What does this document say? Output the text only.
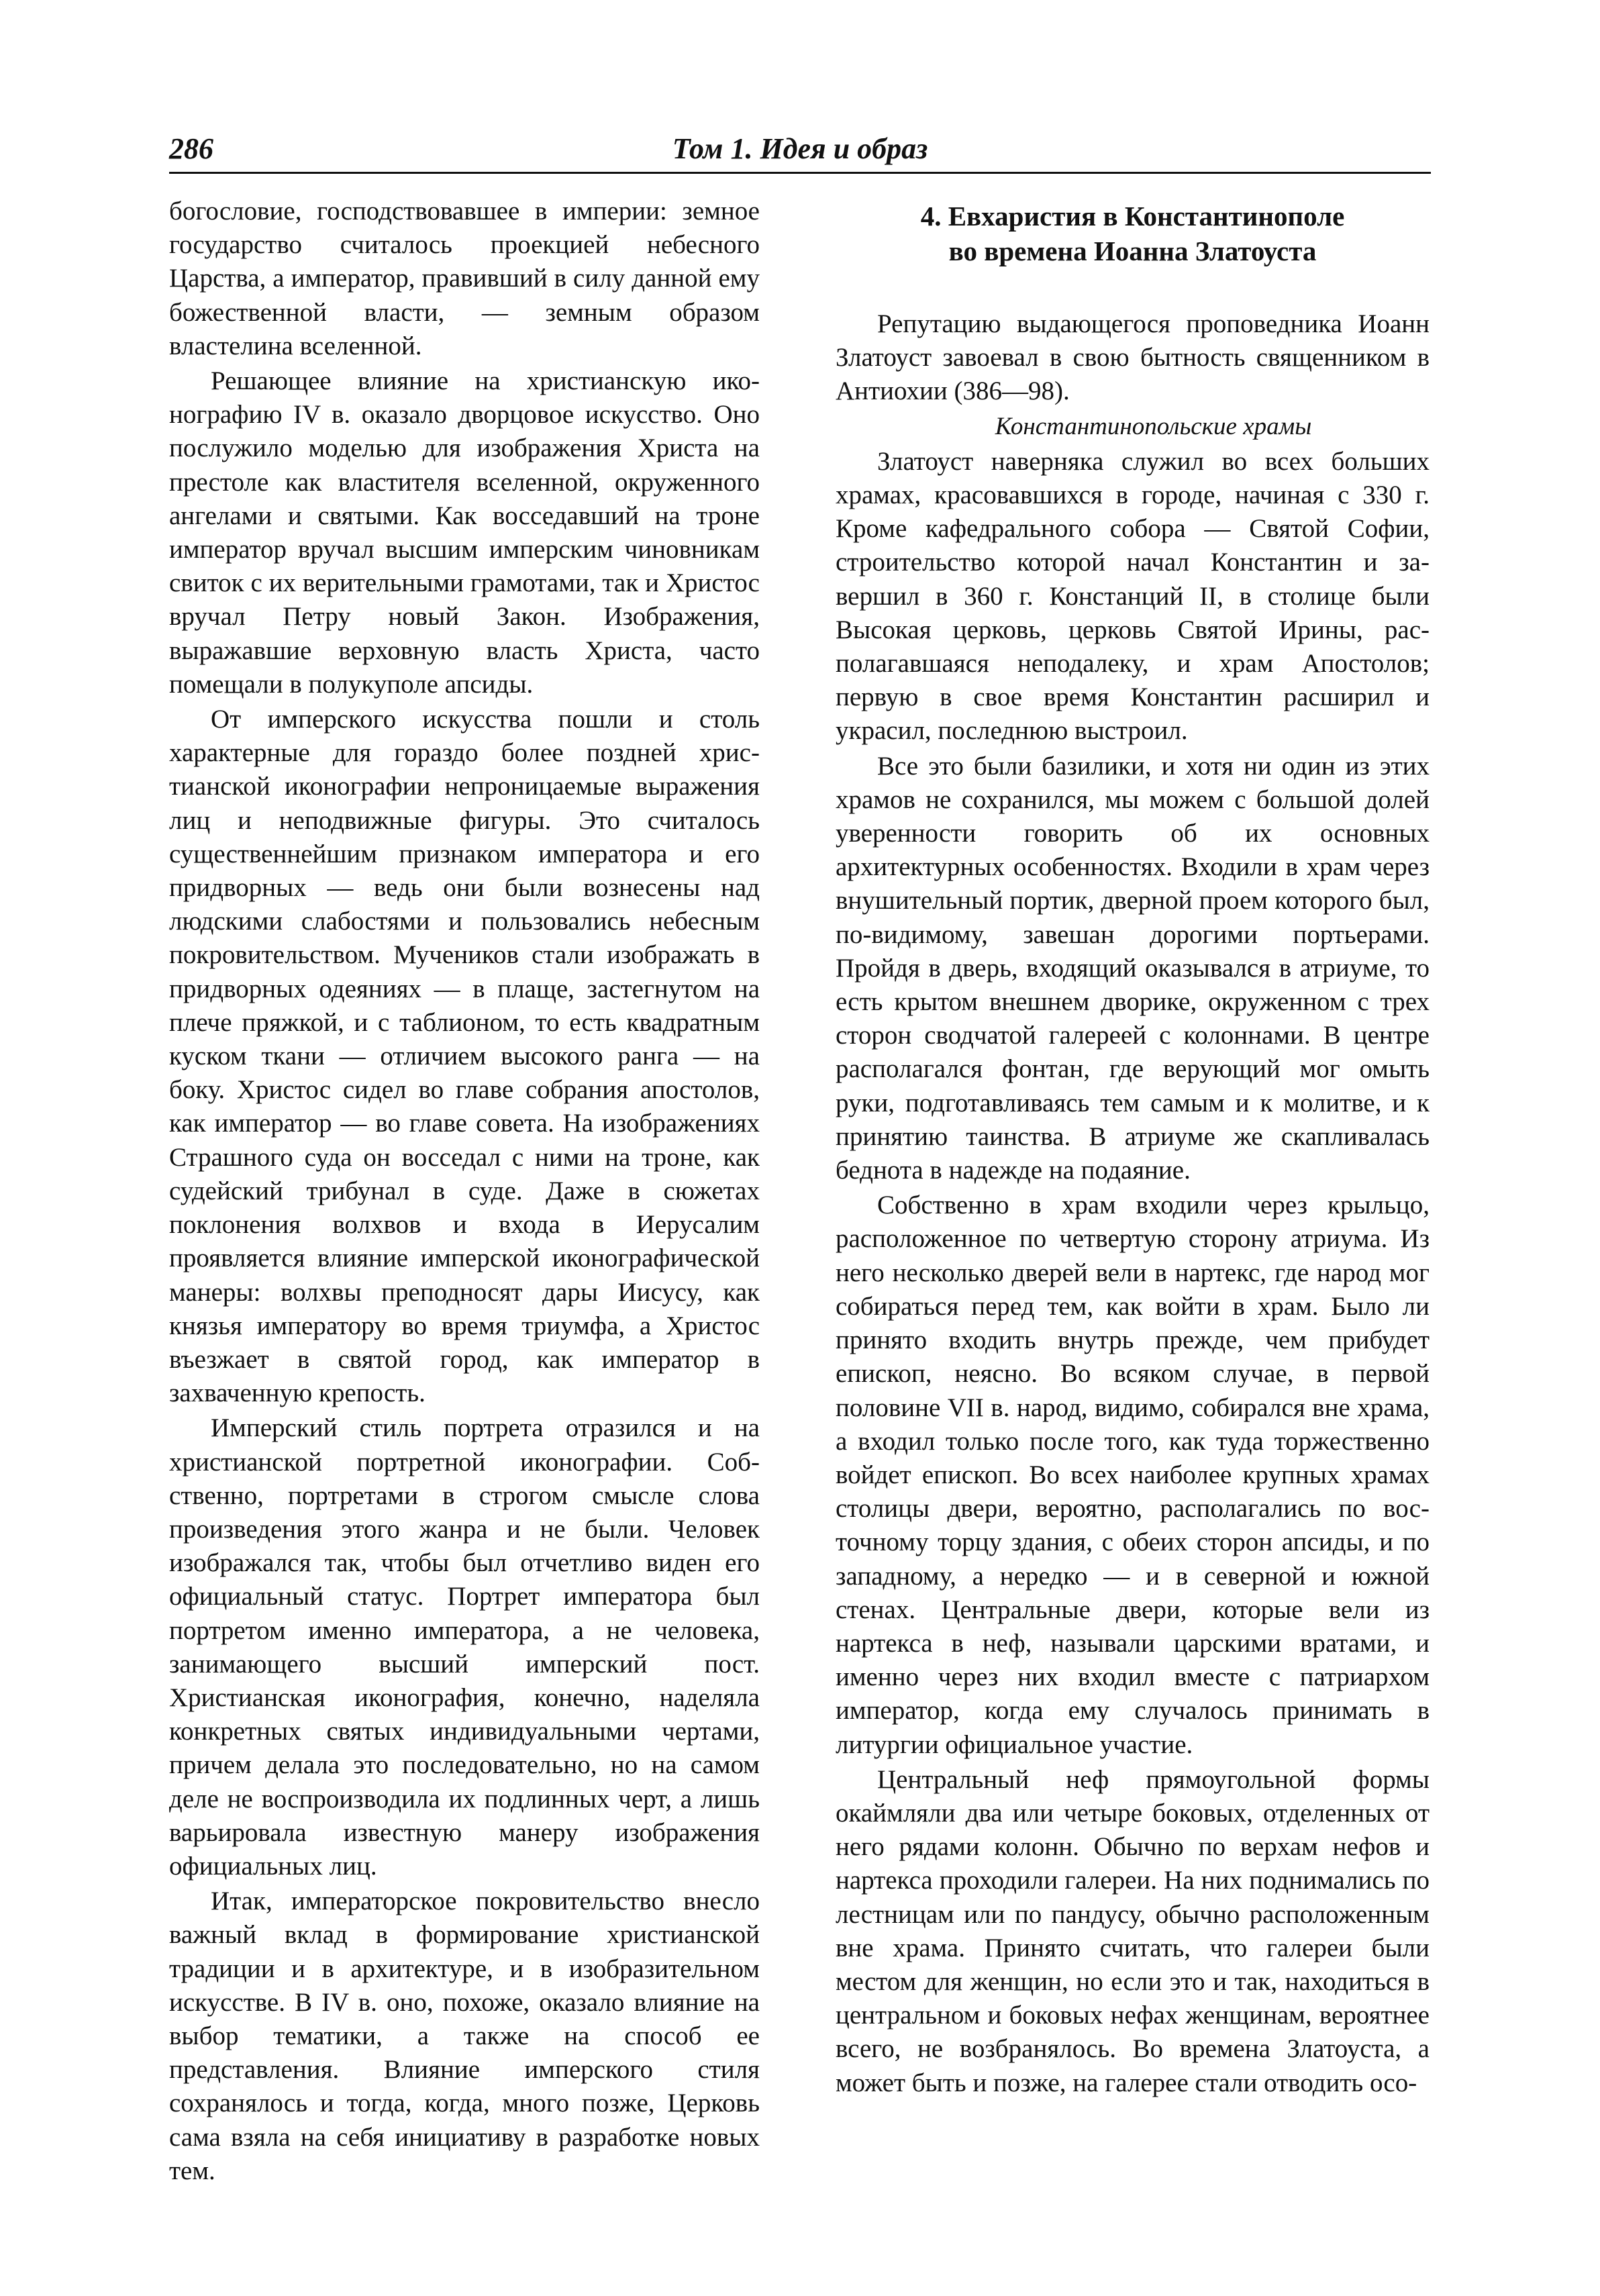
286	Том 1. Идея и образ

богословие, господствовавшее в империи: земное государство считалось проекцией небесного Царства, а император, правивший в силу данной ему божественной власти, — земным образом властелина вселенной.

Решающее влияние на христианскую иконографию IV в. оказало дворцовое искусство. Оно послужило моделью для изображения Христа на престоле как властителя вселенной, окруженного ангелами и святыми. Как восседавший на троне император вручал высшим имперским чиновникам свиток с их верительными грамотами, так и Христос вручал Петру новый Закон. Изображения, выражавшие верховную власть Христа, часто помещали в полукуполе апсиды.

От имперского искусства пошли и столь характерные для гораздо более поздней христианской иконографии непроницаемые выражения лиц и неподвижные фигуры. Это считалось существеннейшим признаком императора и его придворных — ведь они были вознесены над людскими слабостями и пользовались небесным покровительством. Мучеников стали изображать в придворных одеяниях — в плаще, застегнутом на плече пряжкой, и с таблионом, то есть квадратным куском ткани — отличием высокого ранга — на боку. Христос сидел во главе собрания апостолов, как император — во главе совета. На изображениях Страшного суда он восседал с ними на троне, как судейский трибунал в суде. Даже в сюжетах поклонения волхвов и входа в Иерусалим проявляется влияние имперской иконографической манеры: волхвы преподносят дары Иисусу, как князья императору во время триумфа, а Христос въезжает в святой город, как император в захваченную крепость.

Имперский стиль портрета отразился и на христианской портретной иконографии. Собственно, портретами в строгом смысле слова произведения этого жанра и не были. Человек изображался так, чтобы был отчетливо виден его официальный статус. Портрет императора был портретом именно императора, а не человека, занимающего высший имперский пост. Христианская иконография, конечно, наделяла конкретных святых индивидуальными чертами, причем делала это последовательно, но на самом деле не воспроизводила их подлинных черт, а лишь варьировала известную манеру изображения официальных лиц.

Итак, императорское покровительство внесло важный вклад в формирование христианской традиции и в архитектуре, и в изобразительном искусстве. В IV в. оно, похоже, оказало влияние на выбор тематики, а также на способ ее представления. Влияние имперского стиля сохранялось и тогда, когда, много позже, Церковь сама взяла на себя инициативу в разработке новых тем.

4. Евхаристия в Константинополе
во времена Иоанна Златоуста

Репутацию выдающегося проповедника Иоанн Златоуст завоевал в свою бытность священником в Антиохии (386—98).

Константинопольские храмы

Златоуст наверняка служил во всех больших храмах, красовавшихся в городе, начиная с 330 г. Кроме кафедрального собора — Святой Софии, строительство которой начал Константин и завершил в 360 г. Констанций II, в столице были Высокая церковь, церковь Святой Ирины, располагавшаяся неподалеку, и храм Апостолов; первую в свое время Константин расширил и украсил, последнюю выстроил.

Все это были базилики, и хотя ни один из этих храмов не сохранился, мы можем с большой долей уверенности говорить об их основных архитектурных особенностях. Входили в храм через внушительный портик, дверной проем которого был, по-видимому, завешан дорогими портьерами. Пройдя в дверь, входящий оказывался в атриуме, то есть крытом внешнем дворике, окруженном с трех сторон сводчатой галереей с колоннами. В центре располагался фонтан, где верующий мог омыть руки, подготавливаясь тем самым и к молитве, и к принятию таинства. В атриуме же скапливалась беднота в надежде на подаяние.

Собственно в храм входили через крыльцо, расположенное по четвертую сторону атриума. Из него несколько дверей вели в нартекс, где народ мог собираться перед тем, как войти в храм. Было ли принято входить внутрь прежде, чем прибудет епископ, неясно. Во всяком случае, в первой половине VII в. народ, видимо, собирался вне храма, а входил только после того, как туда торжественно войдет епископ. Во всех наиболее крупных храмах столицы двери, вероятно, располагались по восточному торцу здания, с обеих сторон апсиды, и по западному, а нередко — и в северной и южной стенах. Центральные двери, которые вели из нартекса в неф, называли царскими вратами, и именно через них входил вместе с патриархом император, когда ему случалось принимать в литургии официальное участие.

Центральный неф прямоугольной формы окаймляли два или четыре боковых, отделенных от него рядами колонн. Обычно по верхам нефов и нартекса проходили галереи. На них поднимались по лестницам или по пандусу, обычно расположенным вне храма. Принято считать, что галереи были местом для женщин, но если это и так, находиться в центральном и боковых нефах женщинам, вероятнее всего, не возбранялось. Во времена Златоуста, а может быть и позже, на галерее стали отводить осо-
